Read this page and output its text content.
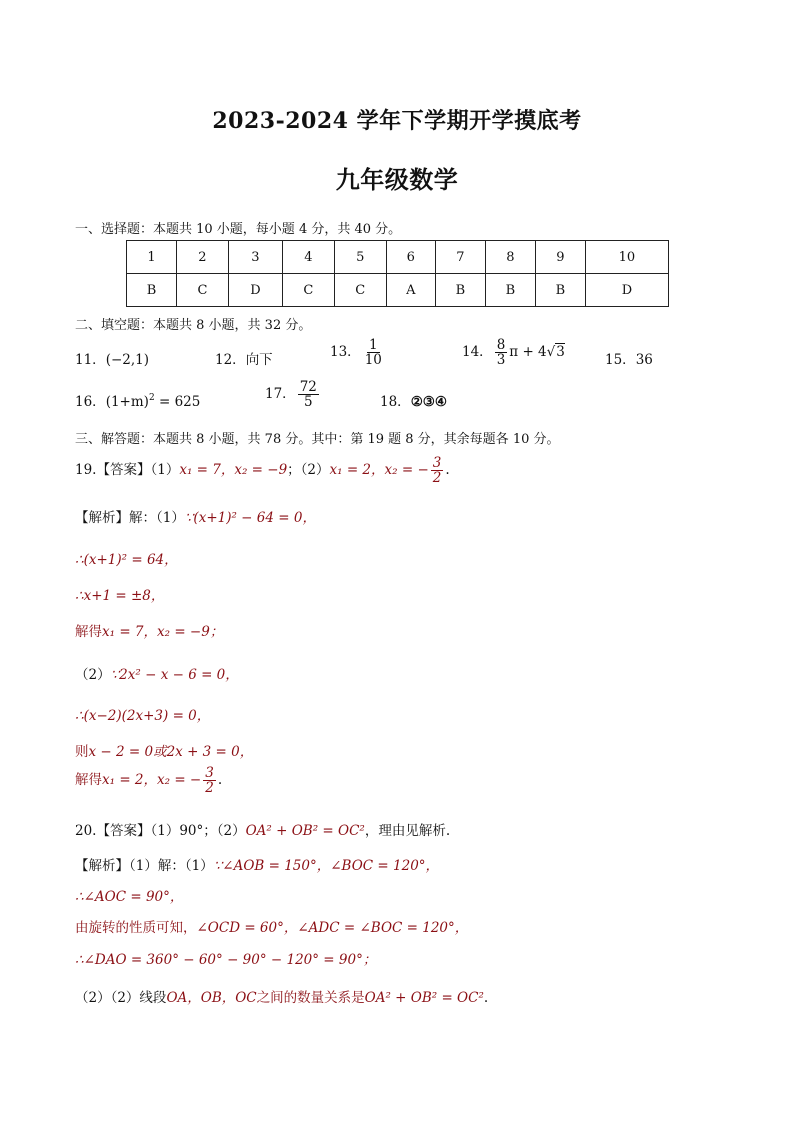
2023-2024 学年下学期开学摸底考
九年级数学
一、选择题：本题共 10 小题，每小题 4 分，共 40 分。
1	2	3	4	5	6	7	8	9	10
B	C	D	C	C	A	B	B	B	D
二、填空题：本题共 8 小题，共 32 分。
11．(−2,1)	12．向下	13． $\frac{1}{10}$	14． $\frac{8}{3}$ π + 4√3	15．36
16．$(1+m)^2 = 625$	17． $\frac{72}{5}$	18．②③④
三、解答题：本题共 8 小题，共 78 分。其中：第 19 题 8 分，其余每题各 10 分。
19.【答案】（1）x₁ = 7，x₂ = −9；（2）x₁ = 2，x₂ = − $\frac{3}{2}$ .
【解析】解：（1）∵(x+1)² − 64 = 0，
∴(x+1)² = 64，
∴x+1 = ±8，
解得x₁ = 7，x₂ = −9；
（2）∵2x² − x − 6 = 0，
∴(x−2)(2x+3) = 0，
则x − 2 = 0或2x + 3 = 0，
解得x₁ = 2，x₂ = − $\frac{3}{2}$ .
20.【答案】（1）90°；（2）OA² + OB² = OC²，理由见解析.
【解析】（1）解：（1）∵∠AOB = 150°，∠BOC = 120°，
∴∠AOC = 90°，
由旋转的性质可知，∠OCD = 60°，∠ADC = ∠BOC = 120°，
∴∠DAO = 360° − 60° − 90° − 120° = 90°；
（2）（2）线段OA，OB，OC之间的数量关系是OA² + OB² = OC².
